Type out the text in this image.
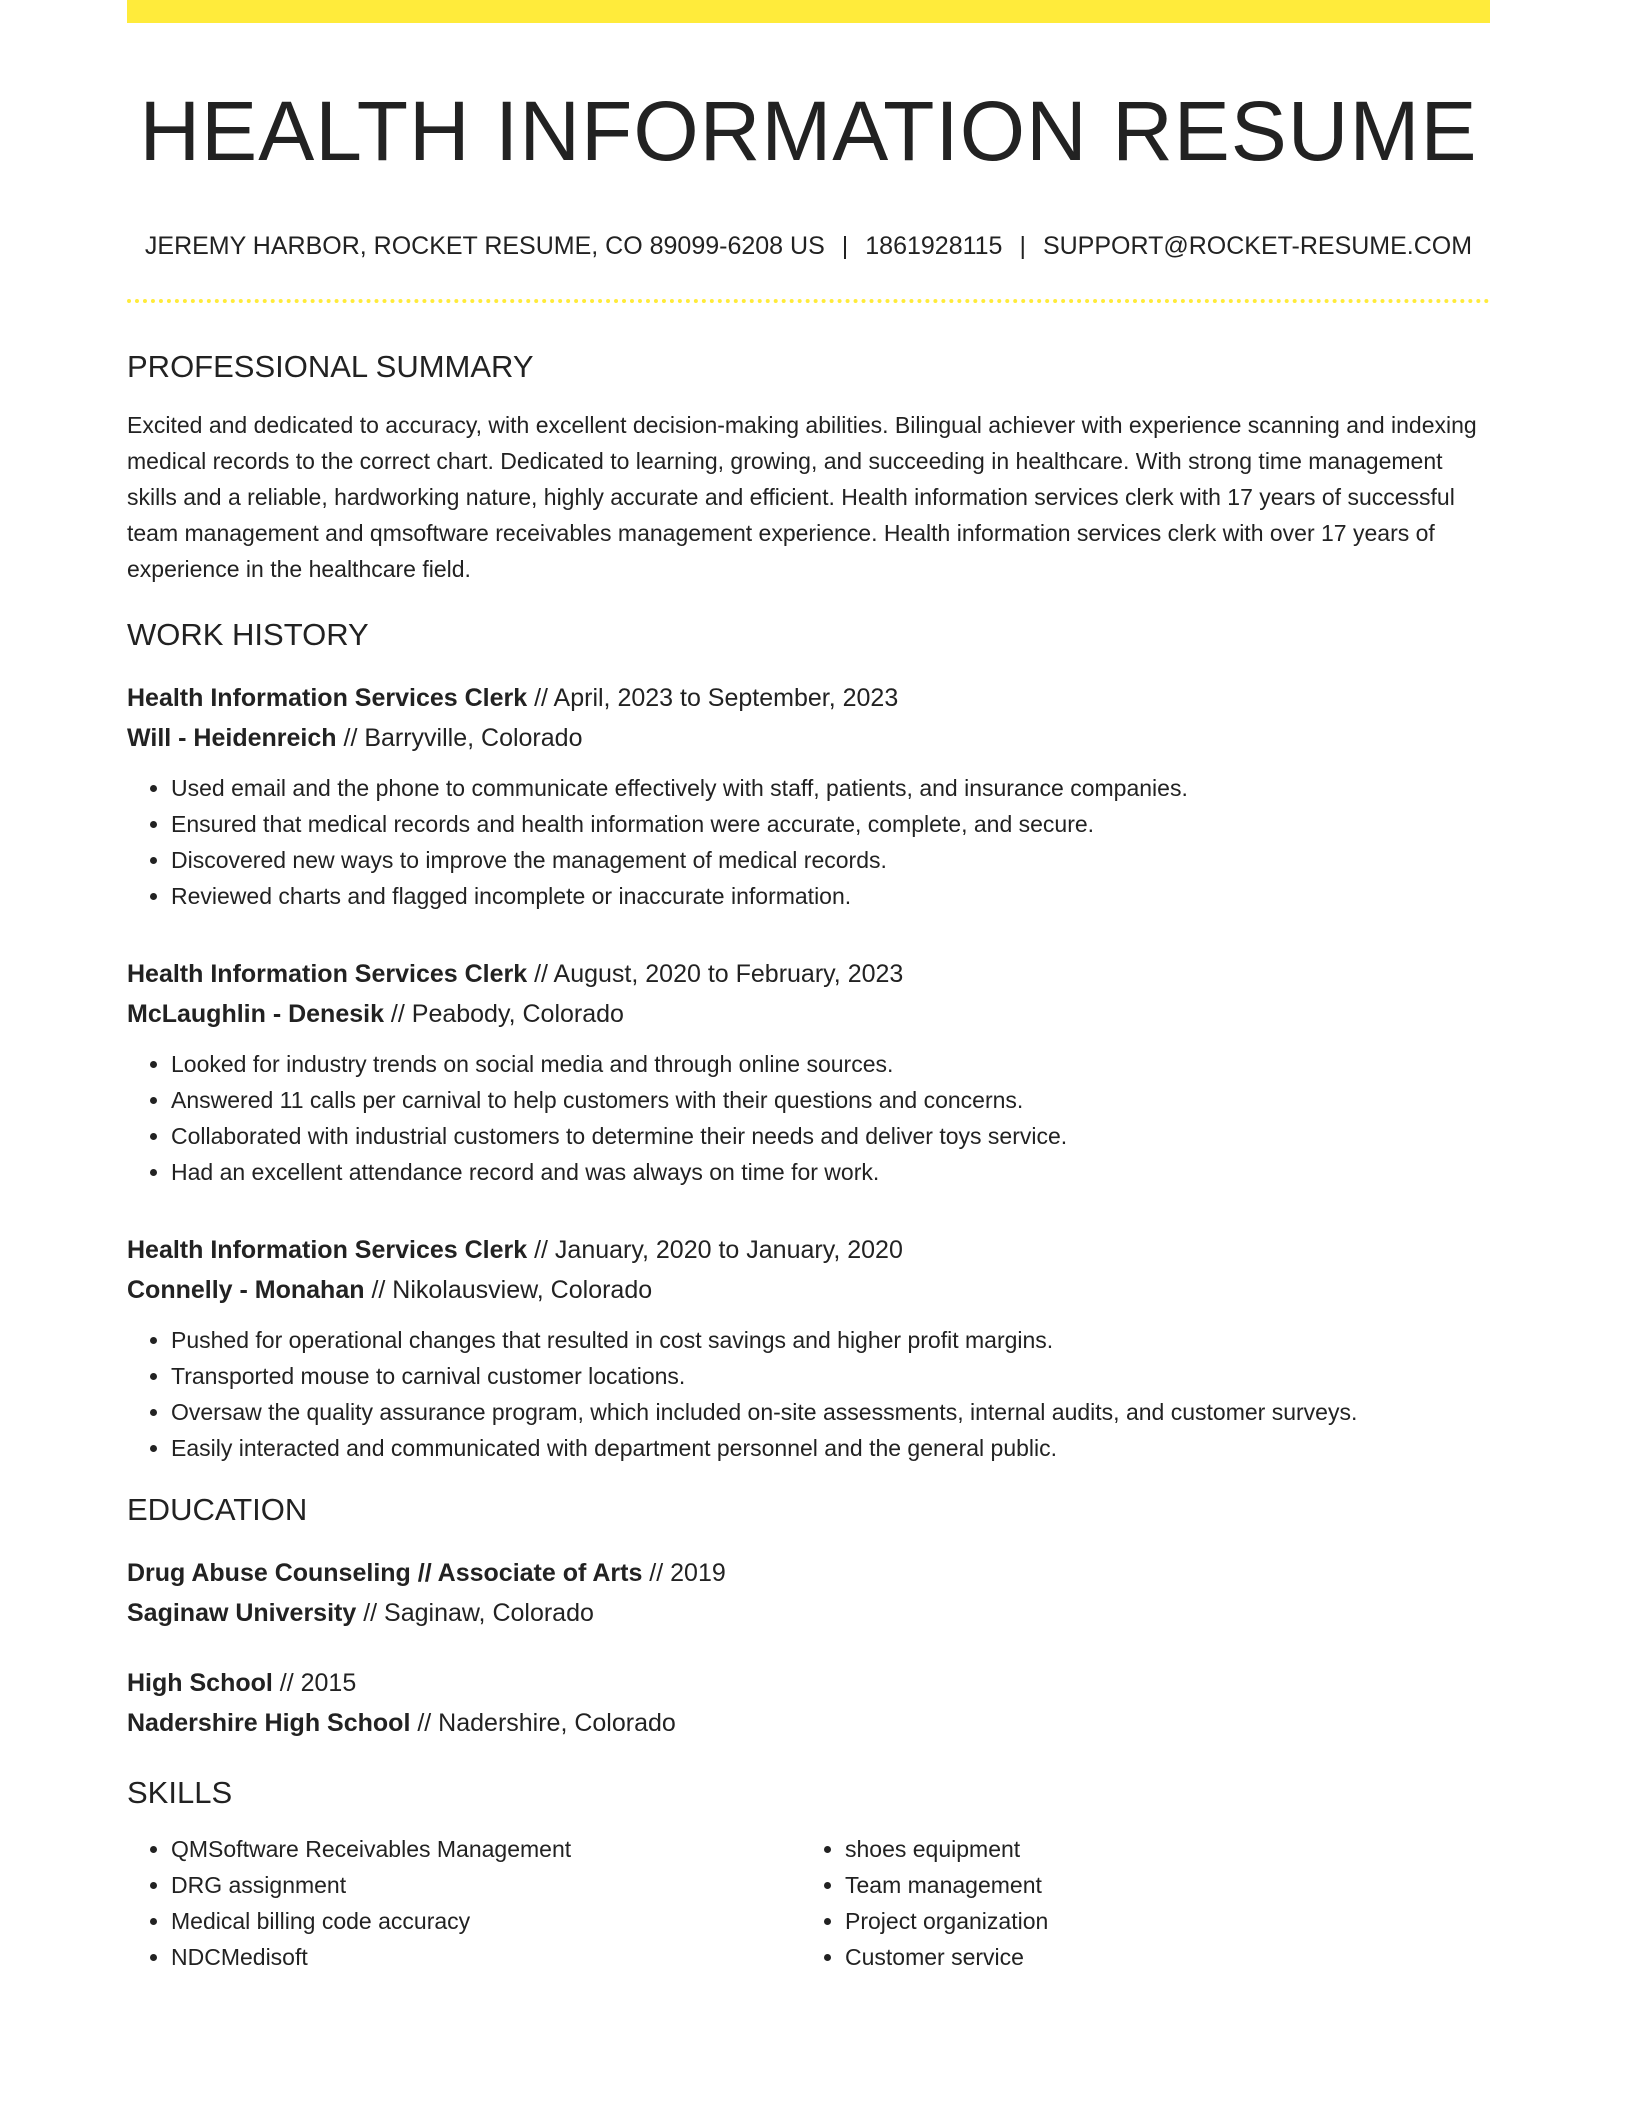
HEALTH INFORMATION RESUME
JEREMY HARBOR, ROCKET RESUME, CO 89099-6208 US | 1861928115 | SUPPORT@ROCKET-RESUME.COM
PROFESSIONAL SUMMARY
Excited and dedicated to accuracy, with excellent decision-making abilities. Bilingual achiever with experience scanning and indexing medical records to the correct chart. Dedicated to learning, growing, and succeeding in healthcare. With strong time management skills and a reliable, hardworking nature, highly accurate and efficient. Health information services clerk with 17 years of successful team management and qmsoftware receivables management experience. Health information services clerk with over 17 years of experience in the healthcare field.
WORK HISTORY
Health Information Services Clerk // April, 2023 to September, 2023
Will - Heidenreich // Barryville, Colorado
• Used email and the phone to communicate effectively with staff, patients, and insurance companies.
• Ensured that medical records and health information were accurate, complete, and secure.
• Discovered new ways to improve the management of medical records.
• Reviewed charts and flagged incomplete or inaccurate information.
Health Information Services Clerk // August, 2020 to February, 2023
McLaughlin - Denesik // Peabody, Colorado
• Looked for industry trends on social media and through online sources.
• Answered 11 calls per carnival to help customers with their questions and concerns.
• Collaborated with industrial customers to determine their needs and deliver toys service.
• Had an excellent attendance record and was always on time for work.
Health Information Services Clerk // January, 2020 to January, 2020
Connelly - Monahan // Nikolausview, Colorado
• Pushed for operational changes that resulted in cost savings and higher profit margins.
• Transported mouse to carnival customer locations.
• Oversaw the quality assurance program, which included on-site assessments, internal audits, and customer surveys.
• Easily interacted and communicated with department personnel and the general public.
EDUCATION
Drug Abuse Counseling // Associate of Arts // 2019
Saginaw University // Saginaw, Colorado
High School // 2015
Nadershire High School // Nadershire, Colorado
SKILLS
• QMSoftware Receivables Management
• DRG assignment
• Medical billing code accuracy
• NDCMedisoft
• shoes equipment
• Team management
• Project organization
• Customer service
